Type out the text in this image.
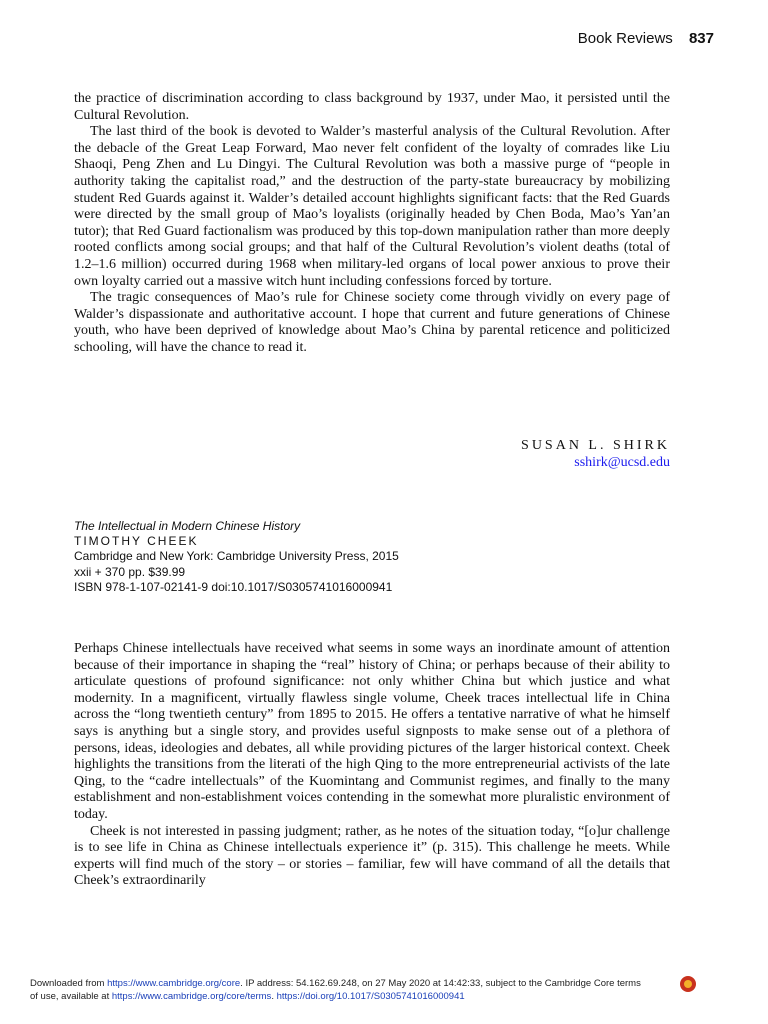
Book Reviews 837

the practice of discrimination according to class background by 1937, under Mao, it persisted until the Cultural Revolution.

The last third of the book is devoted to Walder’s masterful analysis of the Cultural Revolution. After the debacle of the Great Leap Forward, Mao never felt confident of the loyalty of comrades like Liu Shaoqi, Peng Zhen and Lu Dingyi. The Cultural Revolution was both a massive purge of “people in authority taking the capitalist road,” and the destruction of the party-state bureaucracy by mobilizing student Red Guards against it. Walder’s detailed account highlights significant facts: that the Red Guards were directed by the small group of Mao’s loyalists (originally headed by Chen Boda, Mao’s Yan’an tutor); that Red Guard factionalism was produced by this top-down manipulation rather than more deeply rooted conflicts among social groups; and that half of the Cultural Revolution’s violent deaths (total of 1.2–1.6 million) occurred during 1968 when military-led organs of local power anxious to prove their own loyalty carried out a massive witch hunt including confessions forced by torture.

The tragic consequences of Mao’s rule for Chinese society come through vividly on every page of Walder’s dispassionate and authoritative account. I hope that current and future generations of Chinese youth, who have been deprived of knowledge about Mao’s China by parental reticence and politicized schooling, will have the chance to read it.

SUSAN L. SHIRK
sshirk@ucsd.edu
The Intellectual in Modern Chinese History
TIMOTHY CHEEK
Cambridge and New York: Cambridge University Press, 2015
xxii + 370 pp. $39.99
ISBN 978-1-107-02141-9 doi:10.1017/S0305741016000941

Perhaps Chinese intellectuals have received what seems in some ways an inordinate amount of attention because of their importance in shaping the “real” history of China; or perhaps because of their ability to articulate questions of profound significance: not only whither China but which justice and what modernity. In a magnificent, virtually flawless single volume, Cheek traces intellectual life in China across the “long twentieth century” from 1895 to 2015. He offers a tentative narrative of what he himself says is anything but a single story, and provides useful signposts to make sense out of a plethora of persons, ideas, ideologies and debates, all while providing pictures of the larger historical context. Cheek highlights the transitions from the literati of the high Qing to the more entrepreneurial activists of the late Qing, to the “cadre intellectuals” of the Kuomintang and Communist regimes, and finally to the many establishment and non-establishment voices contending in the somewhat more pluralistic environment of today.

Cheek is not interested in passing judgment; rather, as he notes of the situation today, “[o]ur challenge is to see life in China as Chinese intellectuals experience it” (p. 315). This challenge he meets. While experts will find much of the story – or stories – familiar, few will have command of all the details that Cheek’s extraordinarily

Downloaded from https://www.cambridge.org/core. IP address: 54.162.69.248, on 27 May 2020 at 14:42:33, subject to the Cambridge Core terms
of use, available at https://www.cambridge.org/core/terms. https://doi.org/10.1017/S0305741016000941
